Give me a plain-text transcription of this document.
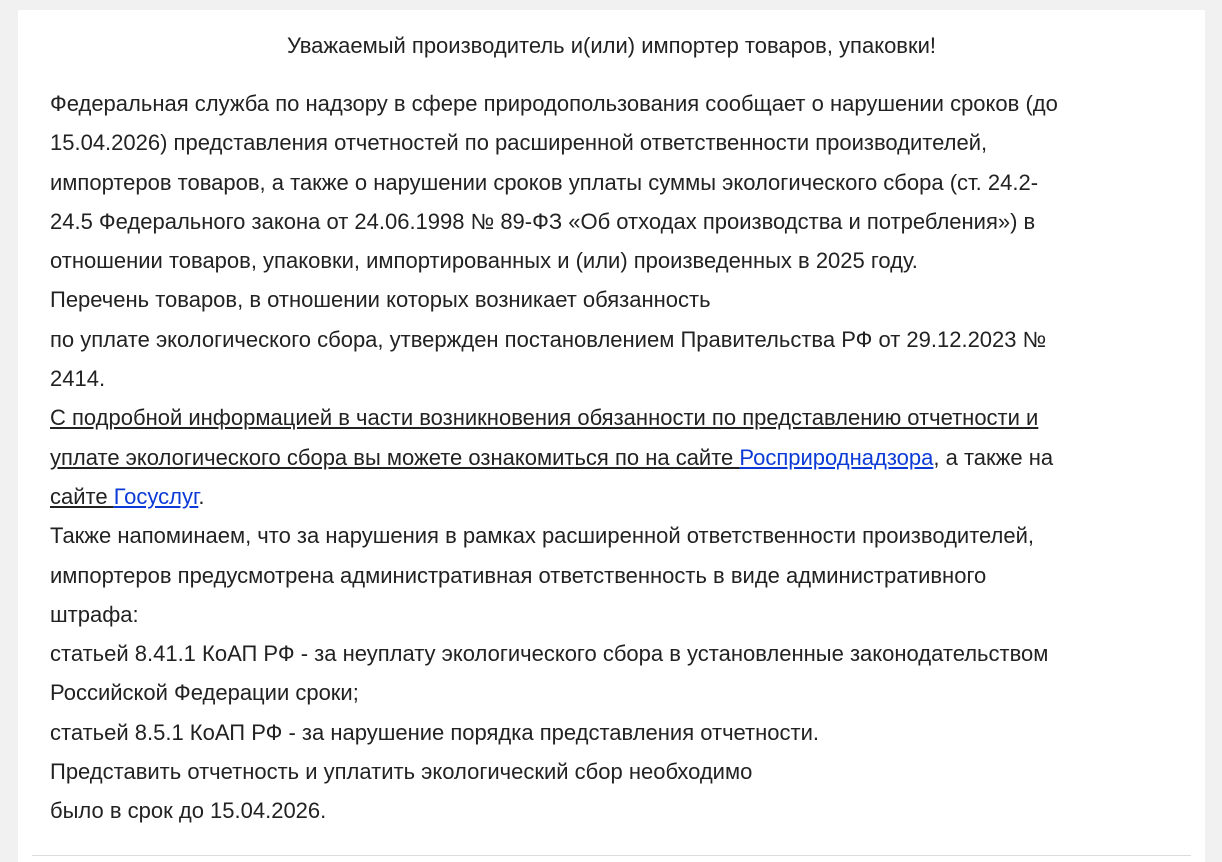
Уважаемый производитель и(или) импортер товаров, упаковки!
Федеральная служба по надзору в сфере природопользования сообщает о нарушении сроков (до
15.04.2026) представления отчетностей по расширенной ответственности производителей,
импортеров товаров, а также о нарушении сроков уплаты суммы экологического сбора (ст. 24.2-
24.5 Федерального закона от 24.06.1998 № 89-ФЗ «Об отходах производства и потребления») в
отношении товаров, упаковки, импортированных и (или) произведенных в 2025 году.
Перечень товаров, в отношении которых возникает обязанность
по уплате экологического сбора, утвержден постановлением Правительства РФ от 29.12.2023 №
2414.
С подробной информацией в части возникновения обязанности по представлению отчетности и
уплате экологического сбора вы можете ознакомиться по на сайте Росприроднадзора, а также на
сайте Госуслуг.
Также напоминаем, что за нарушения в рамках расширенной ответственности производителей,
импортеров предусмотрена административная ответственность в виде административного
штрафа:
статьей 8.41.1 КоАП РФ - за неуплату экологического сбора в установленные законодательством
Российской Федерации сроки;
статьей 8.5.1 КоАП РФ - за нарушение порядка представления отчетности.
Представить отчетность и уплатить экологический сбор необходимо
было в срок до 15.04.2026.
